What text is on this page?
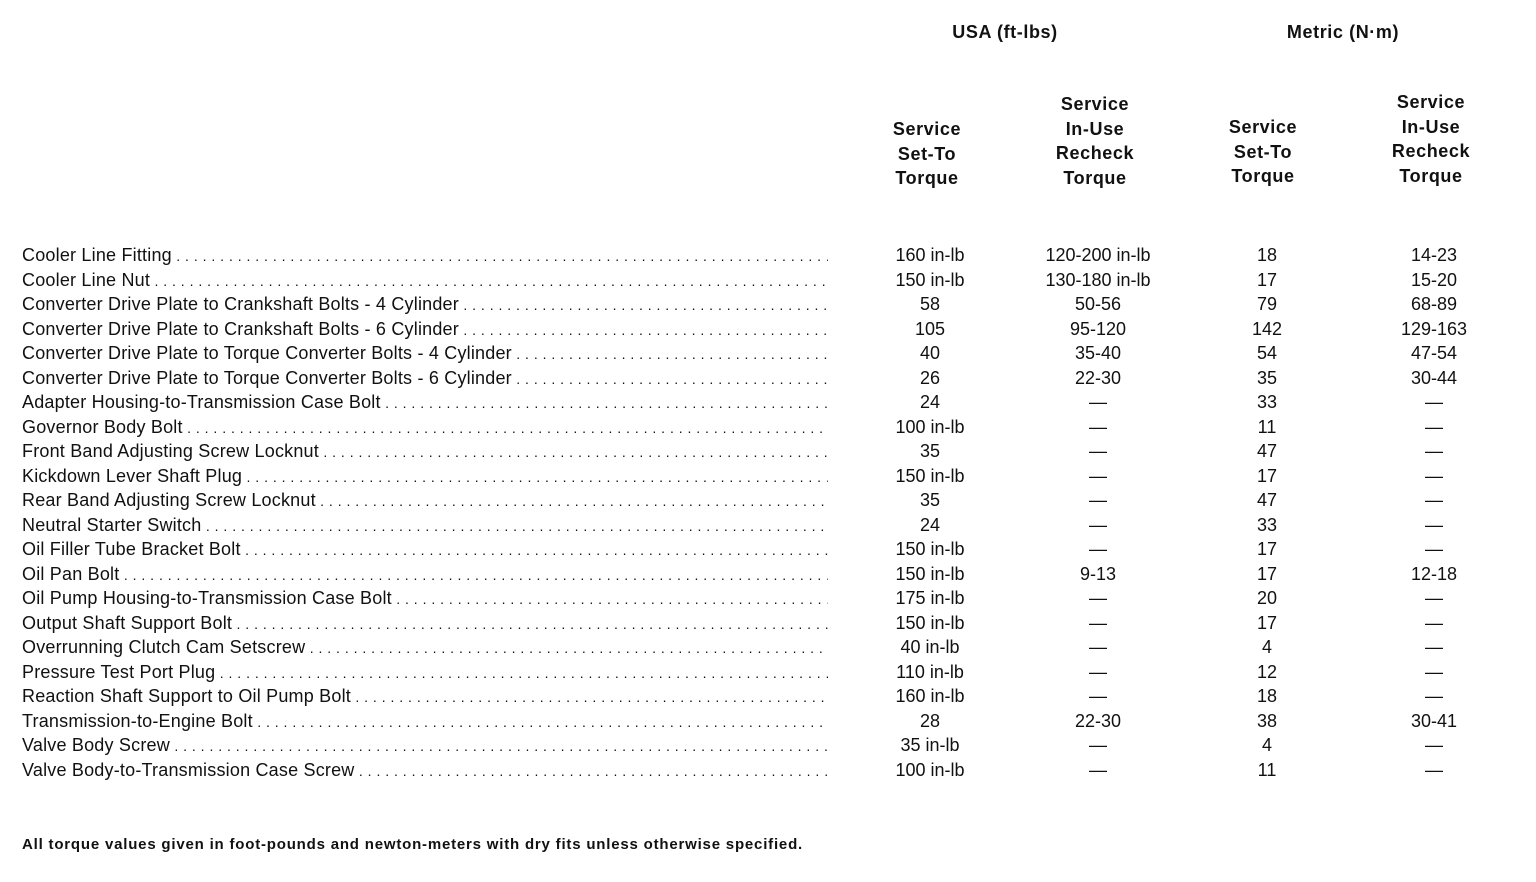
USA (ft-lbs)	Metric (N·m)
Service
Set-To
Torque
Service
In-Use
Recheck
Torque
Service
Set-To
Torque
Service
In-Use
Recheck
Torque
Cooler Line Fitting . . .	160 in-lb	120-200 in-lb	18	14-23
Cooler Line Nut . . .	150 in-lb	130-180 in-lb	17	15-20
Converter Drive Plate to Crankshaft Bolts - 4 Cylinder . . .	58	50-56	79	68-89
Converter Drive Plate to Crankshaft Bolts - 6 Cylinder . . .	105	95-120	142	129-163
Converter Drive Plate to Torque Converter Bolts - 4 Cylinder . . .	40	35-40	54	47-54
Converter Drive Plate to Torque Converter Bolts - 6 Cylinder . . .	26	22-30	35	30-44
Adapter Housing-to-Transmission Case Bolt . . .	24	—	33	—
Governor Body Bolt . . .	100 in-lb	—	11	—
Front Band Adjusting Screw Locknut . . .	35	—	47	—
Kickdown Lever Shaft Plug . . .	150 in-lb	—	17	—
Rear Band Adjusting Screw Locknut . . .	35	—	47	—
Neutral Starter Switch . . .	24	—	33	—
Oil Filler Tube Bracket Bolt . . .	150 in-lb	—	17	—
Oil Pan Bolt . . .	150 in-lb	9-13	17	12-18
Oil Pump Housing-to-Transmission Case Bolt . . .	175 in-lb	—	20	—
Output Shaft Support Bolt . . .	150 in-lb	—	17	—
Overrunning Clutch Cam Setscrew . . .	40 in-lb	—	4	—
Pressure Test Port Plug . . .	110 in-lb	—	12	—
Reaction Shaft Support to Oil Pump Bolt . . .	160 in-lb	—	18	—
Transmission-to-Engine Bolt . . .	28	22-30	38	30-41
Valve Body Screw . . .	35 in-lb	—	4	—
Valve Body-to-Transmission Case Screw . . .	100 in-lb	—	11	—
All torque values given in foot-pounds and newton-meters with dry fits unless otherwise specified.
